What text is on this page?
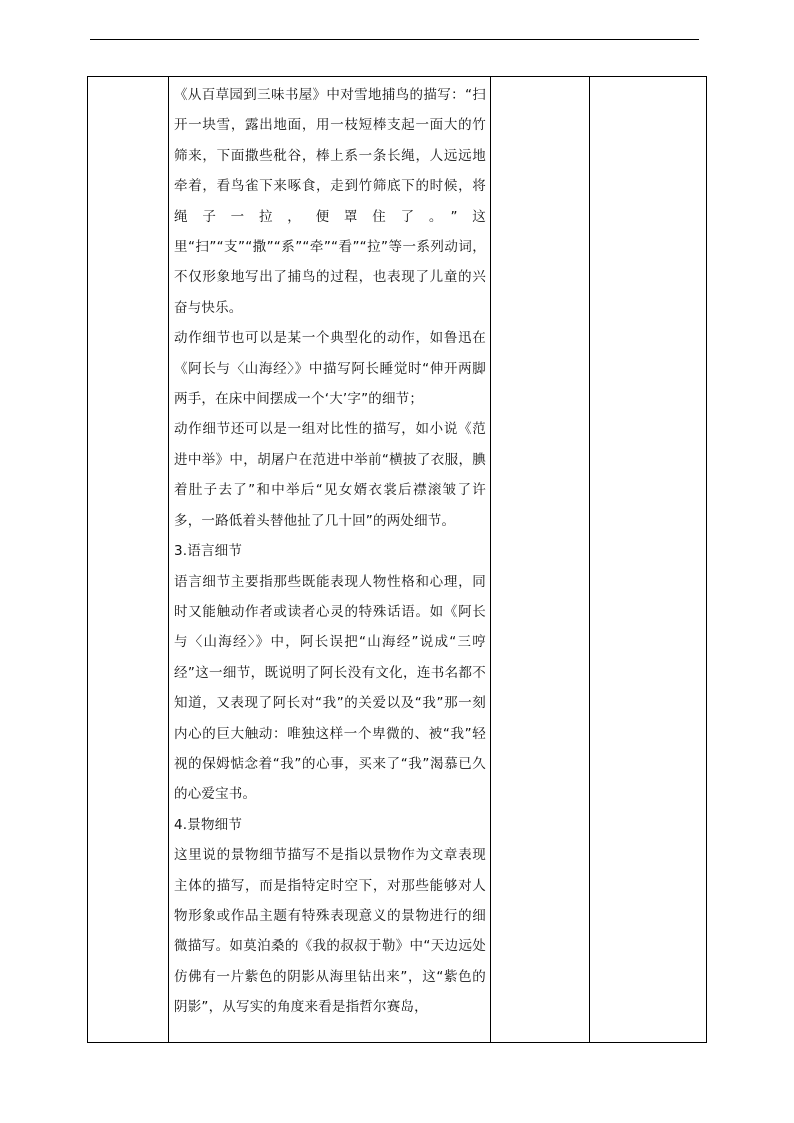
《从百草园到三味书屋》中对雪地捕鸟的描写：“扫开一块雪，露出地面，用一枝短棒支起一面大的竹筛来，下面撒些秕谷，棒上系一条长绳，人远远地牵着，看鸟雀下来啄食，走到竹筛底下的时候，将绳子一拉，便罩住了。”这里“扫”“支”“撒”“系”“牵”“看”“拉”等一系列动词，不仅形象地写出了捕鸟的过程，也表现了儿童的兴奋与快乐。

动作细节也可以是某一个典型化的动作，如鲁迅在《阿长与〈山海经〉》中描写阿长睡觉时“伸开两脚两手，在床中间摆成一个‘大’字”的细节；

动作细节还可以是一组对比性的描写，如小说《范进中举》中，胡屠户在范进中举前“横披了衣服，腆着肚子去了”和中举后“见女婿衣裳后襟滚皱了许多，一路低着头替他扯了几十回”的两处细节。

3.语言细节

语言细节主要指那些既能表现人物性格和心理，同时又能触动作者或读者心灵的特殊话语。如《阿长与〈山海经〉》中，阿长误把“山海经”说成“三哼经”这一细节，既说明了阿长没有文化，连书名都不知道，又表现了阿长对“我”的关爱以及“我”那一刻内心的巨大触动：唯独这样一个卑微的、被“我”轻视的保姆惦念着“我”的心事，买来了“我”渴慕已久的心爱宝书。

4.景物细节

这里说的景物细节描写不是指以景物作为文章表现主体的描写，而是指特定时空下，对那些能够对人物形象或作品主题有特殊表现意义的景物进行的细微描写。如莫泊桑的《我的叔叔于勒》中“天边远处仿佛有一片紫色的阴影从海里钻出来”，这“紫色的阴影”，从写实的角度来看是指哲尔赛岛，
